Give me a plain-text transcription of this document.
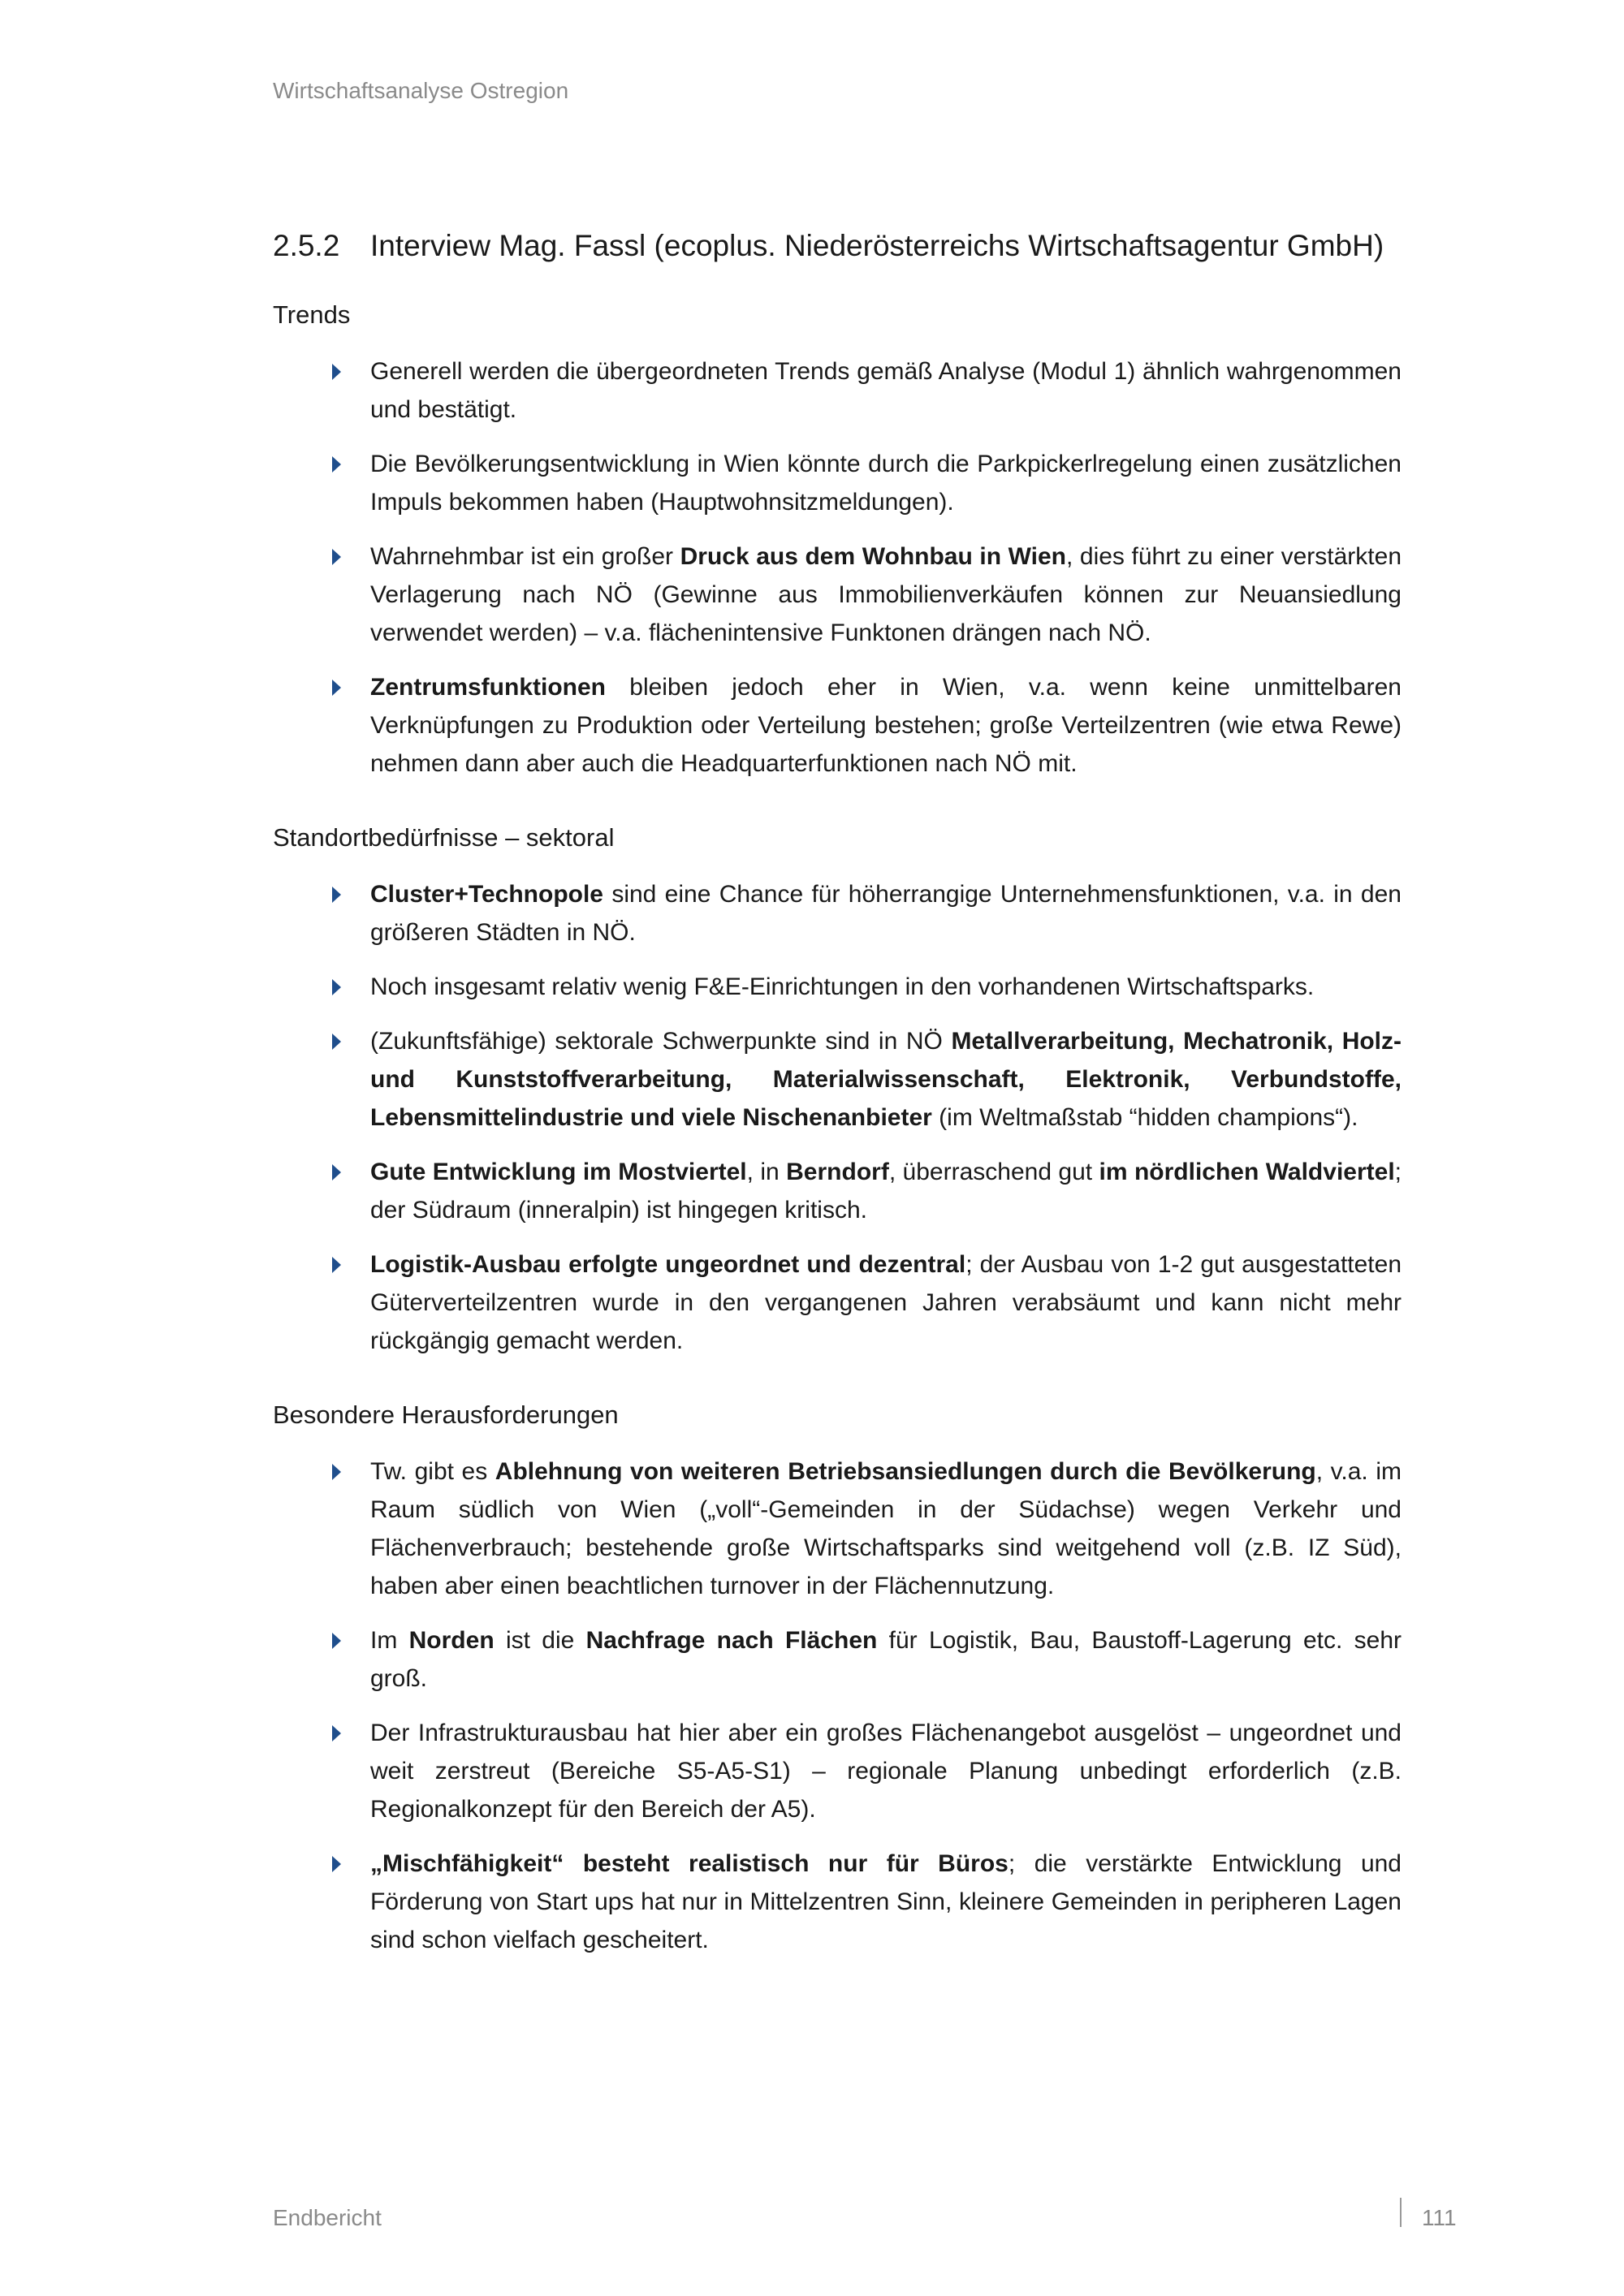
Wirtschaftsanalyse Ostregion
2.5.2 Interview Mag. Fassl (ecoplus. Niederösterreichs Wirtschaftsagentur GmbH)
Trends
Generell werden die übergeordneten Trends gemäß Analyse (Modul 1) ähnlich wahrgenommen und bestätigt.
Die Bevölkerungsentwicklung in Wien könnte durch die Parkpickerlregelung einen zusätzlichen Impuls bekommen haben (Hauptwohnsitzmeldungen).
Wahrnehmbar ist ein großer Druck aus dem Wohnbau in Wien, dies führt zu einer verstärkten Verlagerung nach NÖ (Gewinne aus Immobilienverkäufen können zur Neuansiedlung verwendet werden) – v.a. flächenintensive Funktonen drängen nach NÖ.
Zentrumsfunktionen bleiben jedoch eher in Wien, v.a. wenn keine unmittelbaren Verknüpfungen zu Produktion oder Verteilung bestehen; große Verteilzentren (wie etwa Rewe) nehmen dann aber auch die Headquarterfunktionen nach NÖ mit.
Standortbedürfnisse – sektoral
Cluster+Technopole sind eine Chance für höherrangige Unternehmensfunktionen, v.a. in den größeren Städten in NÖ.
Noch insgesamt relativ wenig F&E-Einrichtungen in den vorhandenen Wirtschaftsparks.
(Zukunftsfähige) sektorale Schwerpunkte sind in NÖ Metallverarbeitung, Mechatronik, Holz- und Kunststoffverarbeitung, Materialwissenschaft, Elektronik, Verbundstoffe, Lebensmittelindustrie und viele Nischenanbieter (im Weltmaßstab “hidden champions“).
Gute Entwicklung im Mostviertel, in Berndorf, überraschend gut im nördlichen Waldviertel; der Südraum (inneralpin) ist hingegen kritisch.
Logistik-Ausbau erfolgte ungeordnet und dezentral; der Ausbau von 1-2 gut ausgestatteten Güterverteilzentren wurde in den vergangenen Jahren verabsäumt und kann nicht mehr rückgängig gemacht werden.
Besondere Herausforderungen
Tw. gibt es Ablehnung von weiteren Betriebsansiedlungen durch die Bevölkerung, v.a. im Raum südlich von Wien („voll“-Gemeinden in der Südachse) wegen Verkehr und Flächenverbrauch; bestehende große Wirtschaftsparks sind weitgehend voll (z.B. IZ Süd), haben aber einen beachtlichen turnover in der Flächennutzung.
Im Norden ist die Nachfrage nach Flächen für Logistik, Bau, Baustoff-Lagerung etc. sehr groß.
Der Infrastrukturausbau hat hier aber ein großes Flächenangebot ausgelöst – ungeordnet und weit zerstreut (Bereiche S5-A5-S1) – regionale Planung unbedingt erforderlich (z.B. Regionalkonzept für den Bereich der A5).
„Mischfähigkeit“ besteht realistisch nur für Büros; die verstärkte Entwicklung und Förderung von Start ups hat nur in Mittelzentren Sinn, kleinere Gemeinden in peripheren Lagen sind schon vielfach gescheitert.
Endbericht	111
